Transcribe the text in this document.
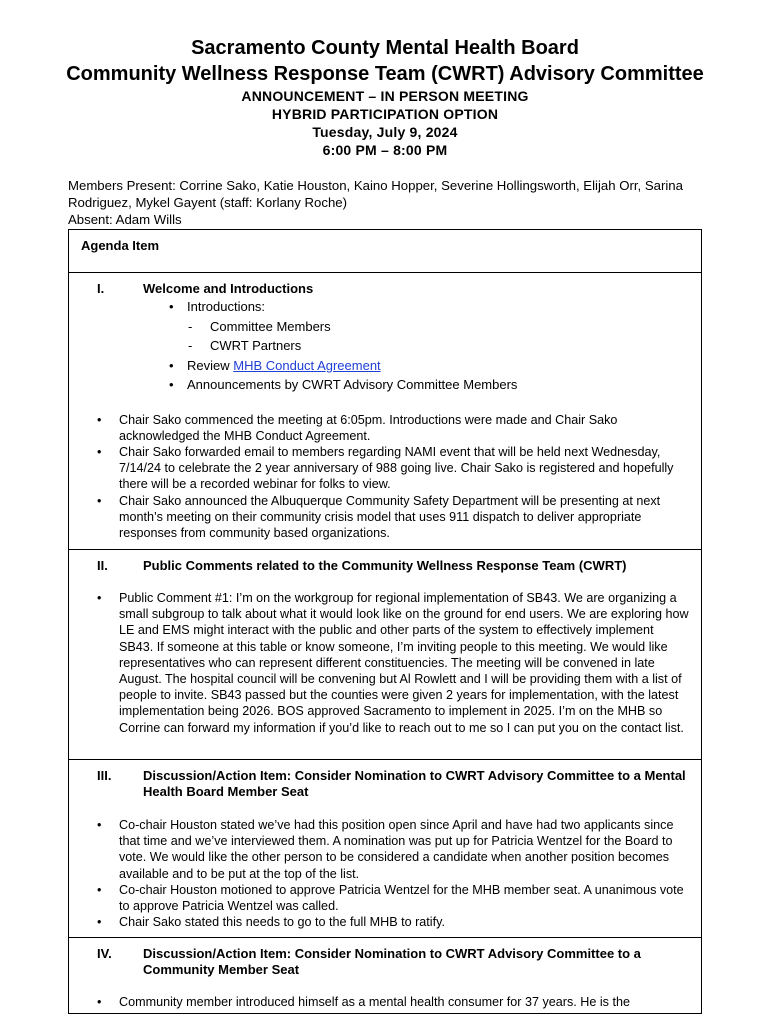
Sacramento County Mental Health Board
Community Wellness Response Team (CWRT) Advisory Committee
ANNOUNCEMENT – IN PERSON MEETING
HYBRID PARTICIPATION OPTION
Tuesday, July 9, 2024
6:00 PM – 8:00 PM
Members Present: Corrine Sako, Katie Houston, Kaino Hopper, Severine Hollingsworth, Elijah Orr, Sarina Rodriguez, Mykel Gayent (staff: Korlany Roche)
Absent: Adam Wills
Agenda Item
I.	Welcome and Introductions
• Introductions:
- Committee Members
- CWRT Partners
• Review MHB Conduct Agreement
• Announcements by CWRT Advisory Committee Members
• Chair Sako commenced the meeting at 6:05pm. Introductions were made and Chair Sako acknowledged the MHB Conduct Agreement.
• Chair Sako forwarded email to members regarding NAMI event that will be held next Wednesday, 7/14/24 to celebrate the 2 year anniversary of 988 going live. Chair Sako is registered and hopefully there will be a recorded webinar for folks to view.
• Chair Sako announced the Albuquerque Community Safety Department will be presenting at next month’s meeting on their community crisis model that uses 911 dispatch to deliver appropriate responses from community based organizations.
II.	Public Comments related to the Community Wellness Response Team (CWRT)
• Public Comment #1: I’m on the workgroup for regional implementation of SB43. We are organizing a small subgroup to talk about what it would look like on the ground for end users. We are exploring how LE and EMS might interact with the public and other parts of the system to effectively implement SB43. If someone at this table or know someone, I’m inviting people to this meeting. We would like representatives who can represent different constituencies. The meeting will be convened in late August. The hospital council will be convening but Al Rowlett and I will be providing them with a list of people to invite. SB43 passed but the counties were given 2 years for implementation, with the latest implementation being 2026. BOS approved Sacramento to implement in 2025. I’m on the MHB so Corrine can forward my information if you’d like to reach out to me so I can put you on the contact list.
III.	Discussion/Action Item: Consider Nomination to CWRT Advisory Committee to a Mental Health Board Member Seat
• Co-chair Houston stated we’ve had this position open since April and have had two applicants since that time and we’ve interviewed them. A nomination was put up for Patricia Wentzel for the Board to vote. We would like the other person to be considered a candidate when another position becomes available and to be put at the top of the list.
• Co-chair Houston motioned to approve Patricia Wentzel for the MHB member seat. A unanimous vote to approve Patricia Wentzel was called.
• Chair Sako stated this needs to go to the full MHB to ratify.
IV.	Discussion/Action Item: Consider Nomination to CWRT Advisory Committee to a Community Member Seat
• Community member introduced himself as a mental health consumer for 37 years. He is the
